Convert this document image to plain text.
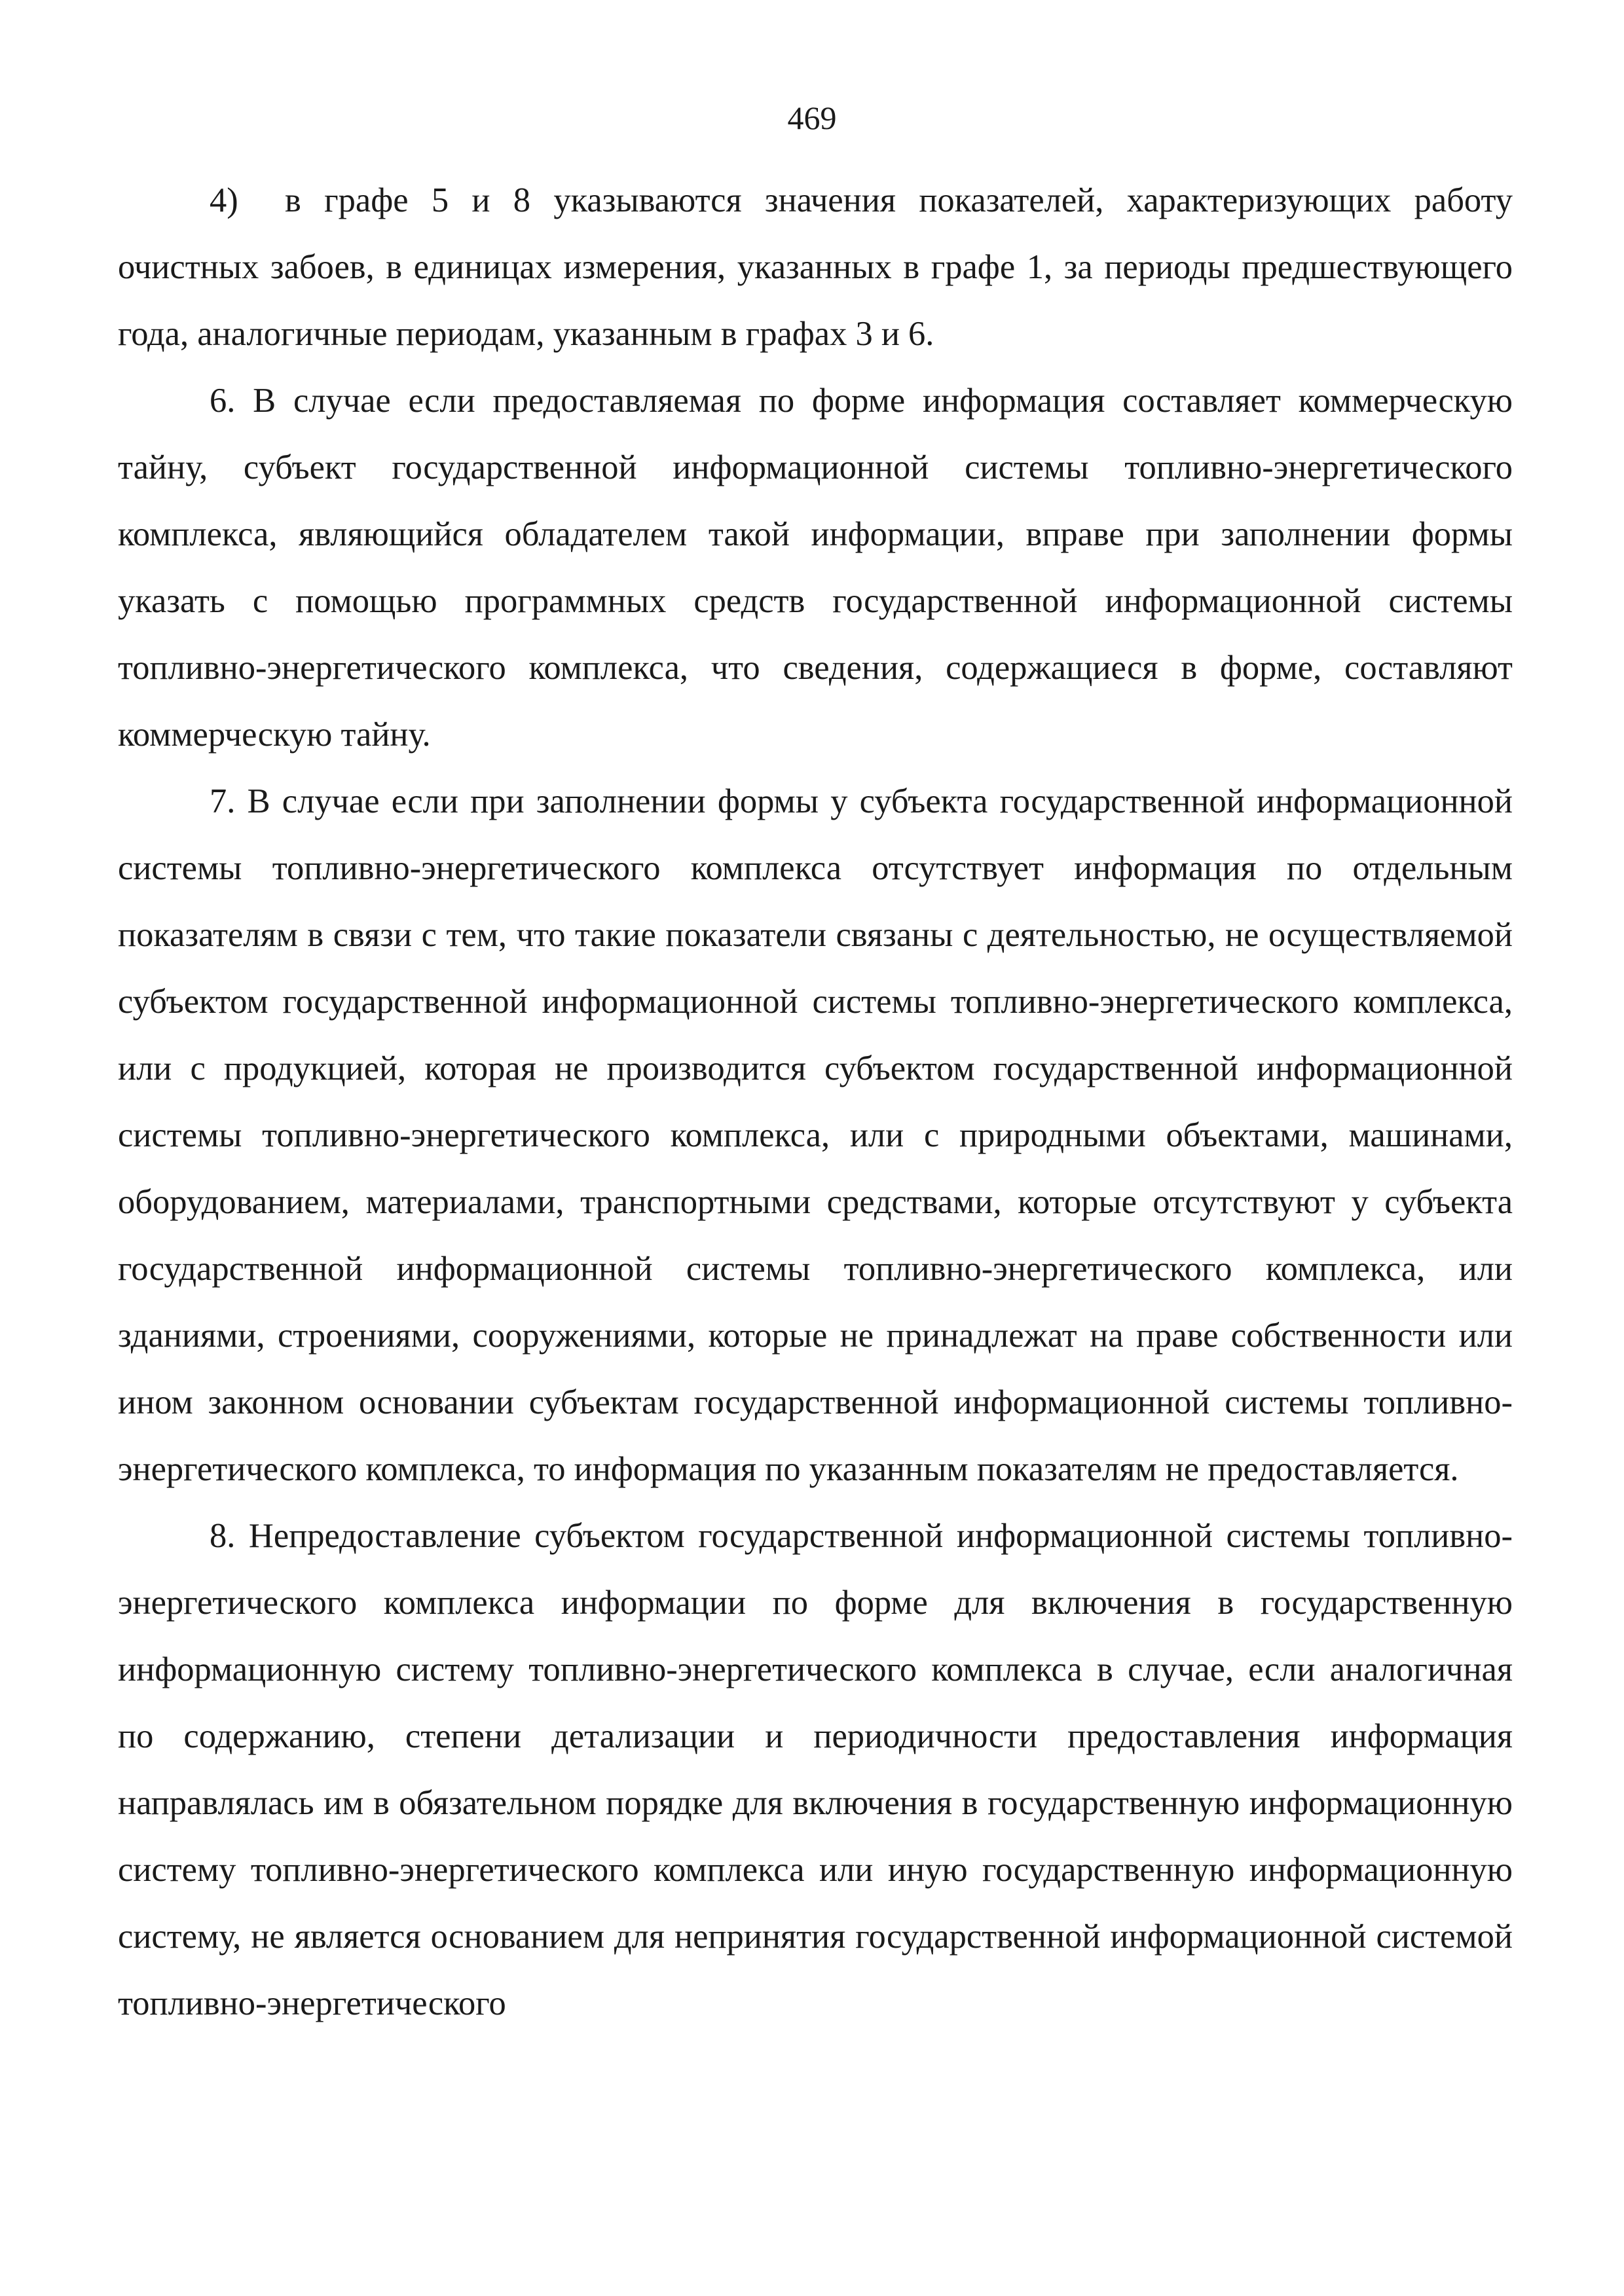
469

4) в графе 5 и 8 указываются значения показателей, характеризующих работу очистных забоев, в единицах измерения, указанных в графе 1, за периоды предшествующего года, аналогичные периодам, указанным в графах 3 и 6.

6. В случае если предоставляемая по форме информация составляет коммерческую тайну, субъект государственной информационной системы топливно-энергетического комплекса, являющийся обладателем такой информации, вправе при заполнении формы указать с помощью программных средств государственной информационной системы топливно-энергетического комплекса, что сведения, содержащиеся в форме, составляют коммерческую тайну.

7. В случае если при заполнении формы у субъекта государственной информационной системы топливно-энергетического комплекса отсутствует информация по отдельным показателям в связи с тем, что такие показатели связаны с деятельностью, не осуществляемой субъектом государственной информационной системы топливно-энергетического комплекса, или с продукцией, которая не производится субъектом государственной информационной системы топливно-энергетического комплекса, или с природными объектами, машинами, оборудованием, материалами, транспортными средствами, которые отсутствуют у субъекта государственной информационной системы топливно-энергетического комплекса, или зданиями, строениями, сооружениями, которые не принадлежат на праве собственности или ином законном основании субъектам государственной информационной системы топливно-энергетического комплекса, то информация по указанным показателям не предоставляется.

8. Непредоставление субъектом государственной информационной системы топливно-энергетического комплекса информации по форме для включения в государственную информационную систему топливно-энергетического комплекса в случае, если аналогичная по содержанию, степени детализации и периодичности предоставления информация направлялась им в обязательном порядке для включения в государственную информационную систему топливно-энергетического комплекса или иную государственную информационную систему, не является основанием для непринятия государственной информационной системой топливно-энергетического
